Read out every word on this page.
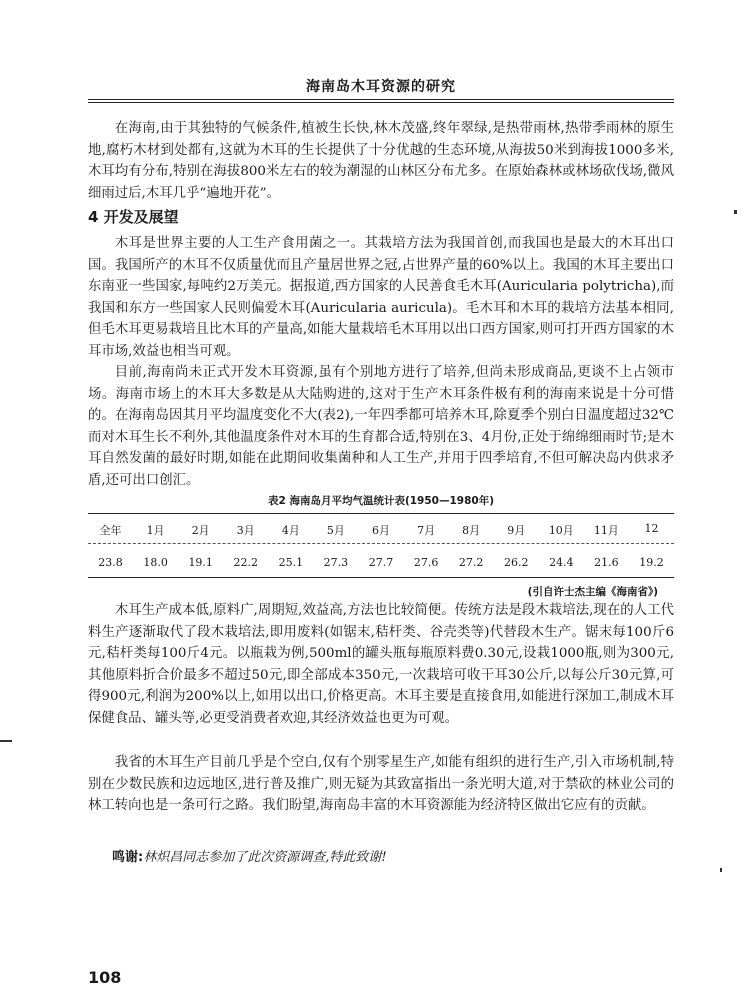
海南岛木耳资源的研究

在海南,由于其独特的气候条件,植被生长快,林木茂盛,终年翠绿,是热带雨林,热带季雨林的原生地,腐朽木材到处都有,这就为木耳的生长提供了十分优越的生态环境,从海拔50米到海拔1000多米,木耳均有分布,特别在海拔800米左右的较为潮湿的山林区分布尤多。在原始森林或林场砍伐场,微风细雨过后,木耳几乎“遍地开花”。

4 开发及展望

木耳是世界主要的人工生产食用菌之一。其栽培方法为我国首创,而我国也是最大的木耳出口国。我国所产的木耳不仅质量优而且产量居世界之冠,占世界产量的60%以上。我国的木耳主要出口东南亚一些国家,每吨约2万美元。据报道,西方国家的人民善食毛木耳(Auricularia polytricha),而我国和东方一些国家人民则偏爱木耳(Auricularia auricula)。毛木耳和木耳的栽培方法基本相同,但毛木耳更易栽培且比木耳的产量高,如能大量栽培毛木耳用以出口西方国家,则可打开西方国家的木耳市场,效益也相当可观。

目前,海南尚未正式开发木耳资源,虽有个别地方进行了培养,但尚未形成商品,更谈不上占领市场。海南市场上的木耳大多数是从大陆购进的,这对于生产木耳条件极有利的海南来说是十分可惜的。在海南岛因其月平均温度变化不大(表2),一年四季都可培养木耳,除夏季个别白日温度超过32℃而对木耳生长不利外,其他温度条件对木耳的生育都合适,特别在3、4月份,正处于绵绵细雨时节;是木耳自然发菌的最好时期,如能在此期间收集菌种和人工生产,并用于四季培育,不但可解决岛内供求矛盾,还可出口创汇。

表2 海南岛月平均气温统计表(1950—1980年)
全年	1月	2月	3月	4月	5月	6月	7月	8月	9月	10月	11月	12
23.8	18.0	19.1	22.2	25.1	27.3	27.7	27.6	27.2	26.2	24.4	21.6	19.2
(引自许士杰主编《海南省》)

木耳生产成本低,原料广,周期短,效益高,方法也比较简便。传统方法是段木栽培法,现在的人工代料生产逐渐取代了段木栽培法,即用废料(如锯末,秸杆类、谷壳类等)代替段木生产。锯末每100斤6元,秸杆类每100斤4元。以瓶栽为例,500ml的罐头瓶每瓶原料费0.30元,设栽1000瓶,则为300元,其他原料折合价最多不超过50元,即全部成本350元,一次栽培可收干耳30公斤,以每公斤30元算,可得900元,利润为200%以上,如用以出口,价格更高。木耳主要是直接食用,如能进行深加工,制成木耳保健食品、罐头等,必更受消费者欢迎,其经济效益也更为可观。

我省的木耳生产目前几乎是个空白,仅有个别零星生产,如能有组织的进行生产,引入市场机制,特别在少数民族和边远地区,进行普及推广,则无疑为其致富指出一条光明大道,对于禁砍的林业公司的林工转向也是一条可行之路。我们盼望,海南岛丰富的木耳资源能为经济特区做出它应有的贡献。

鸣谢:林炽昌同志参加了此次资源调查,特此致谢!
108
